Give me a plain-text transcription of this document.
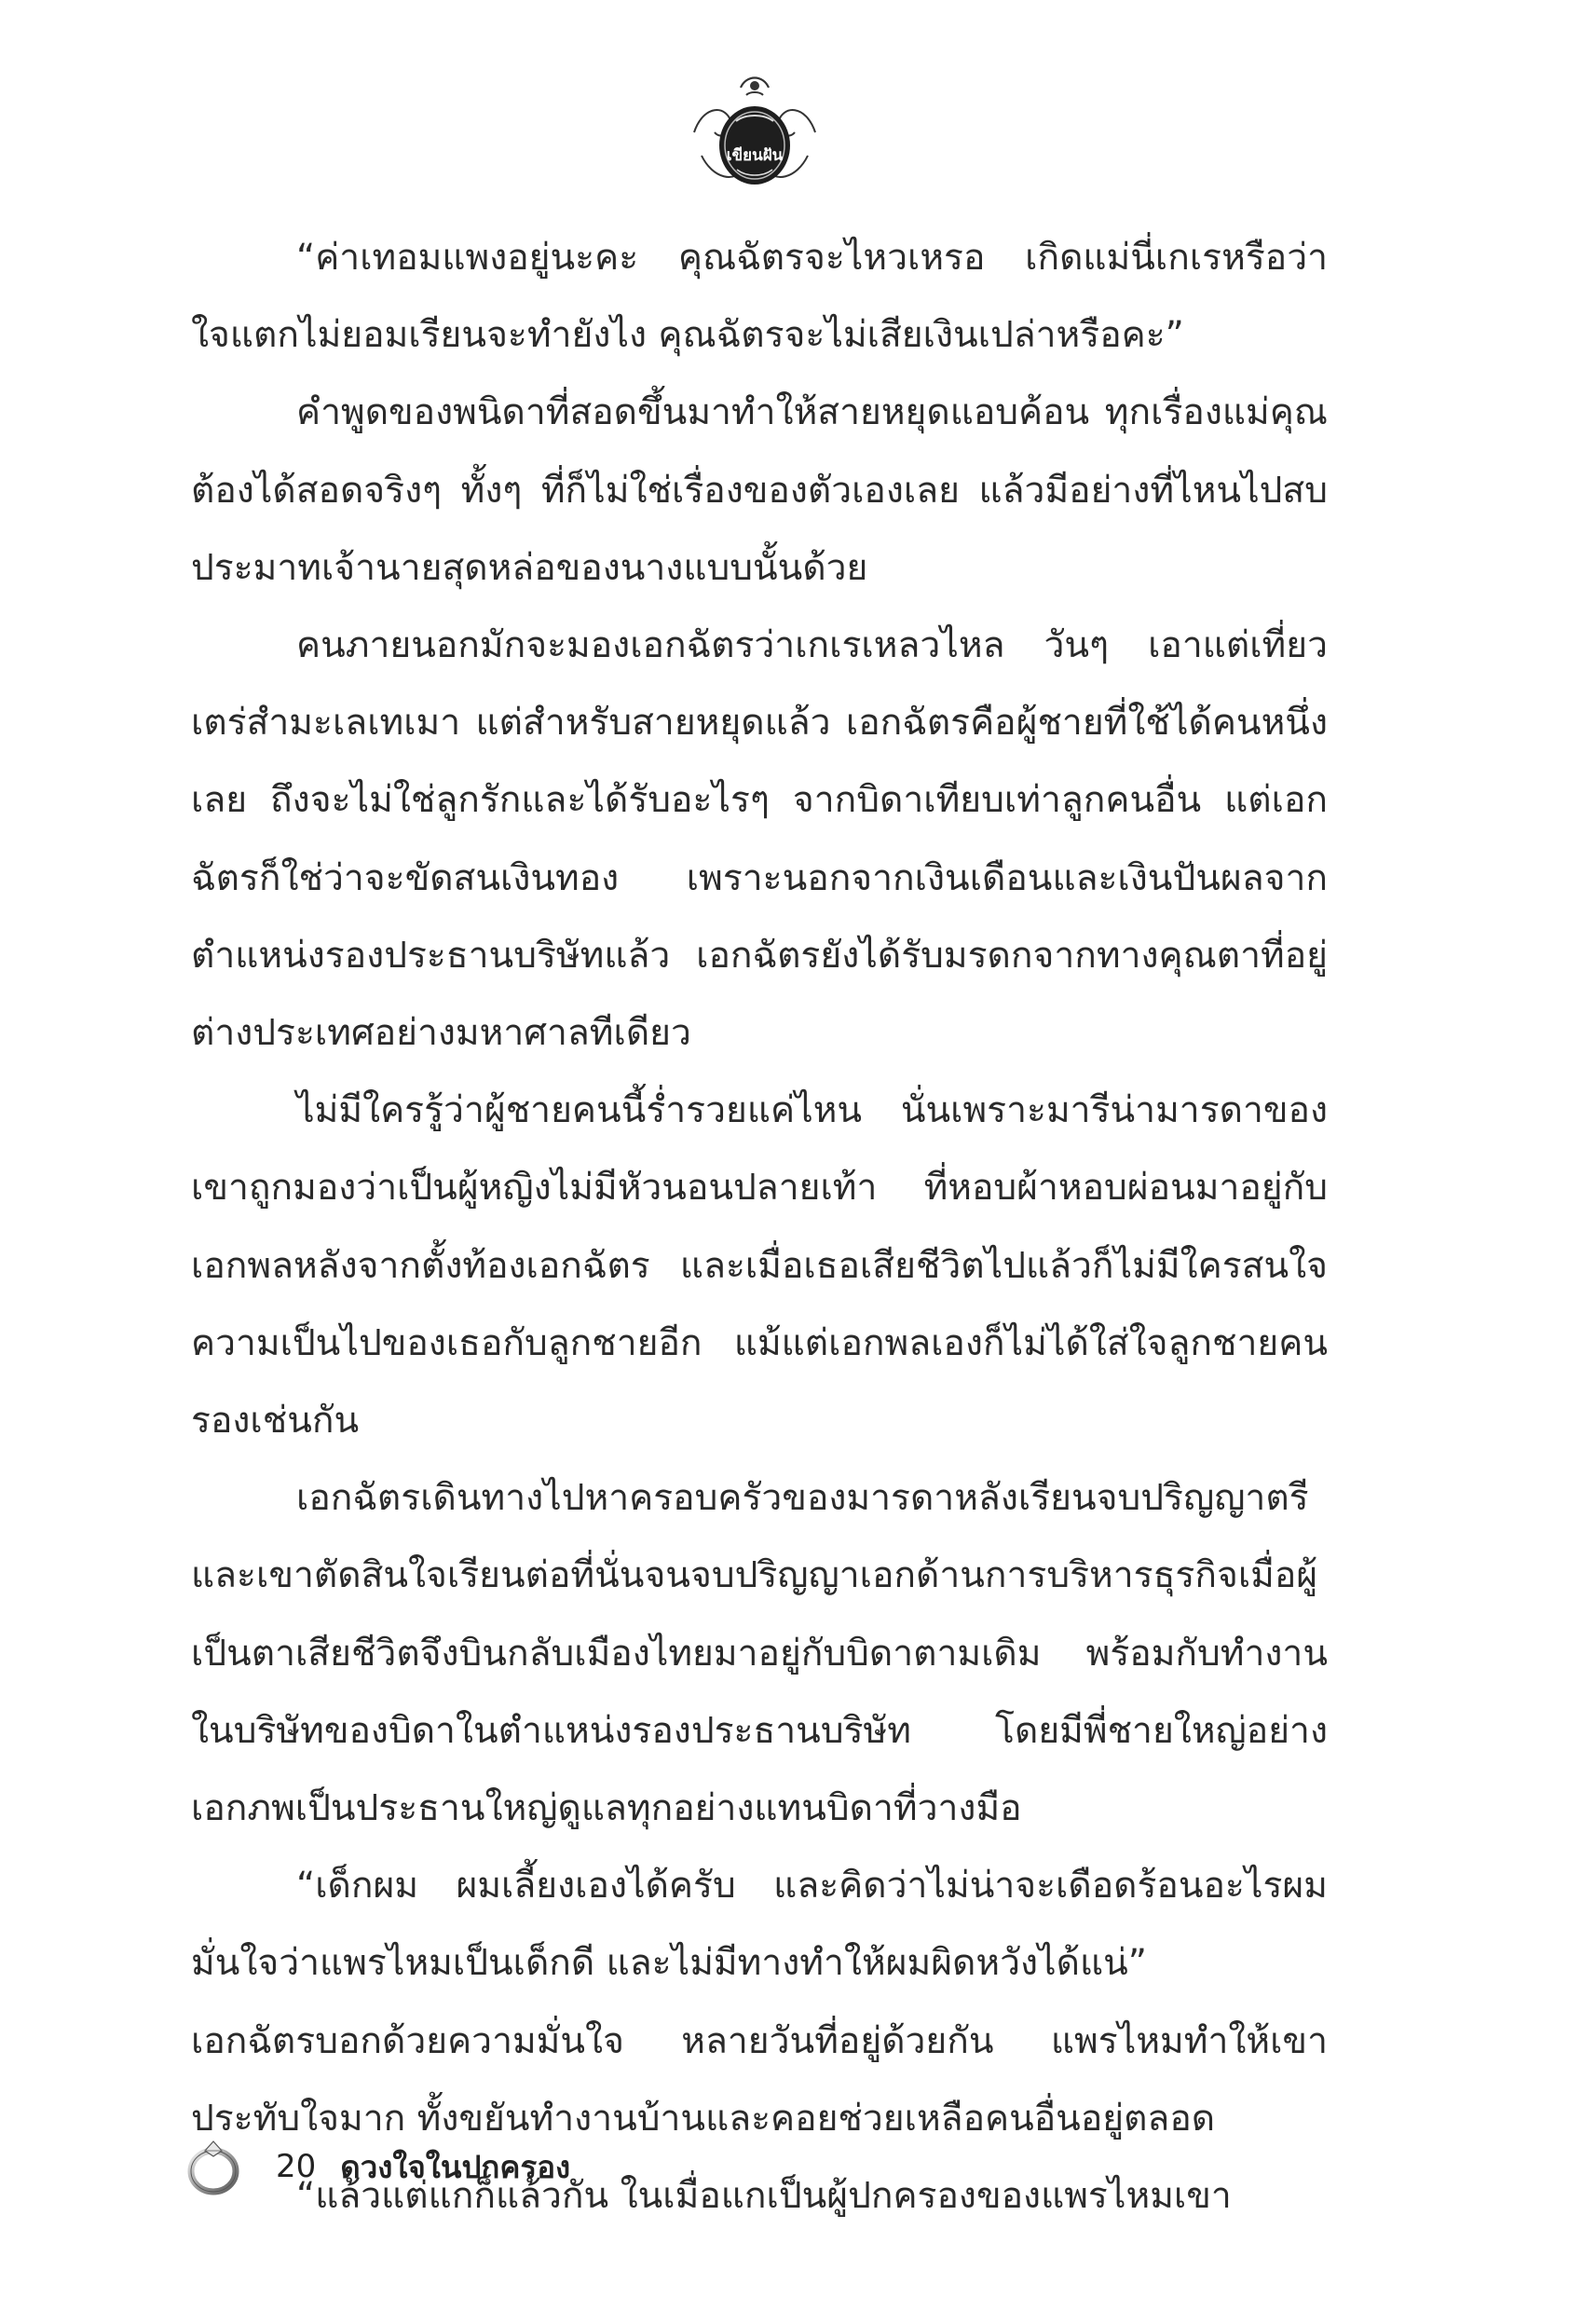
เขียนฝัน

“ค่าเทอมแพงอยู่นะคะ คุณฉัตรจะไหวเหรอ เกิดแม่นี่เกเรหรือว่าใจแตกไม่ยอมเรียนจะทำยังไง คุณฉัตรจะไม่เสียเงินเปล่าหรือคะ”

คำพูดของพนิดาที่สอดขึ้นมาทำให้สายหยุดแอบค้อน ทุกเรื่องแม่คุณต้องได้สอดจริงๆ ทั้งๆ ที่ก็ไม่ใช่เรื่องของตัวเองเลย แล้วมีอย่างที่ไหนไปสบประมาทเจ้านายสุดหล่อของนางแบบนั้นด้วย

คนภายนอกมักจะมองเอกฉัตรว่าเกเรเหลวไหล วันๆ เอาแต่เที่ยวเตร่สำมะเลเทเมา แต่สำหรับสายหยุดแล้ว เอกฉัตรคือผู้ชายที่ใช้ได้คนหนึ่งเลย ถึงจะไม่ใช่ลูกรักและได้รับอะไรๆ จากบิดาเทียบเท่าลูกคนอื่น แต่เอกฉัตรก็ใช่ว่าจะขัดสนเงินทอง เพราะนอกจากเงินเดือนและเงินปันผลจากตำแหน่งรองประธานบริษัทแล้ว เอกฉัตรยังได้รับมรดกจากทางคุณตาที่อยู่ต่างประเทศอย่างมหาศาลทีเดียว

ไม่มีใครรู้ว่าผู้ชายคนนี้ร่ำรวยแค่ไหน นั่นเพราะมารีน่ามารดาของเขาถูกมองว่าเป็นผู้หญิงไม่มีหัวนอนปลายเท้า ที่หอบผ้าหอบผ่อนมาอยู่กับเอกพลหลังจากตั้งท้องเอกฉัตร และเมื่อเธอเสียชีวิตไปแล้วก็ไม่มีใครสนใจความเป็นไปของเธอกับลูกชายอีก แม้แต่เอกพลเองก็ไม่ได้ใส่ใจลูกชายคนรองเช่นกัน

เอกฉัตรเดินทางไปหาครอบครัวของมารดาหลังเรียนจบปริญญาตรีและเขาตัดสินใจเรียนต่อที่นั่นจนจบปริญญาเอกด้านการบริหารธุรกิจเมื่อผู้เป็นตาเสียชีวิตจึงบินกลับเมืองไทยมาอยู่กับบิดาตามเดิม พร้อมกับทำงานในบริษัทของบิดาในตำแหน่งรองประธานบริษัท โดยมีพี่ชายใหญ่อย่างเอกภพเป็นประธานใหญ่ดูแลทุกอย่างแทนบิดาที่วางมือ

“เด็กผม ผมเลี้ยงเองได้ครับ และคิดว่าไม่น่าจะเดือดร้อนอะไรผมมั่นใจว่าแพรไหมเป็นเด็กดี และไม่มีทางทำให้ผมผิดหวังได้แน่”

เอกฉัตรบอกด้วยความมั่นใจ หลายวันที่อยู่ด้วยกัน แพรไหมทำให้เขาประทับใจมาก ทั้งขยันทำงานบ้านและคอยช่วยเหลือคนอื่นอยู่ตลอด

“แล้วแต่แกก็แล้วกัน ในเมื่อแกเป็นผู้ปกครองของแพรไหมเขา

20 ดวงใจในปกครอง
